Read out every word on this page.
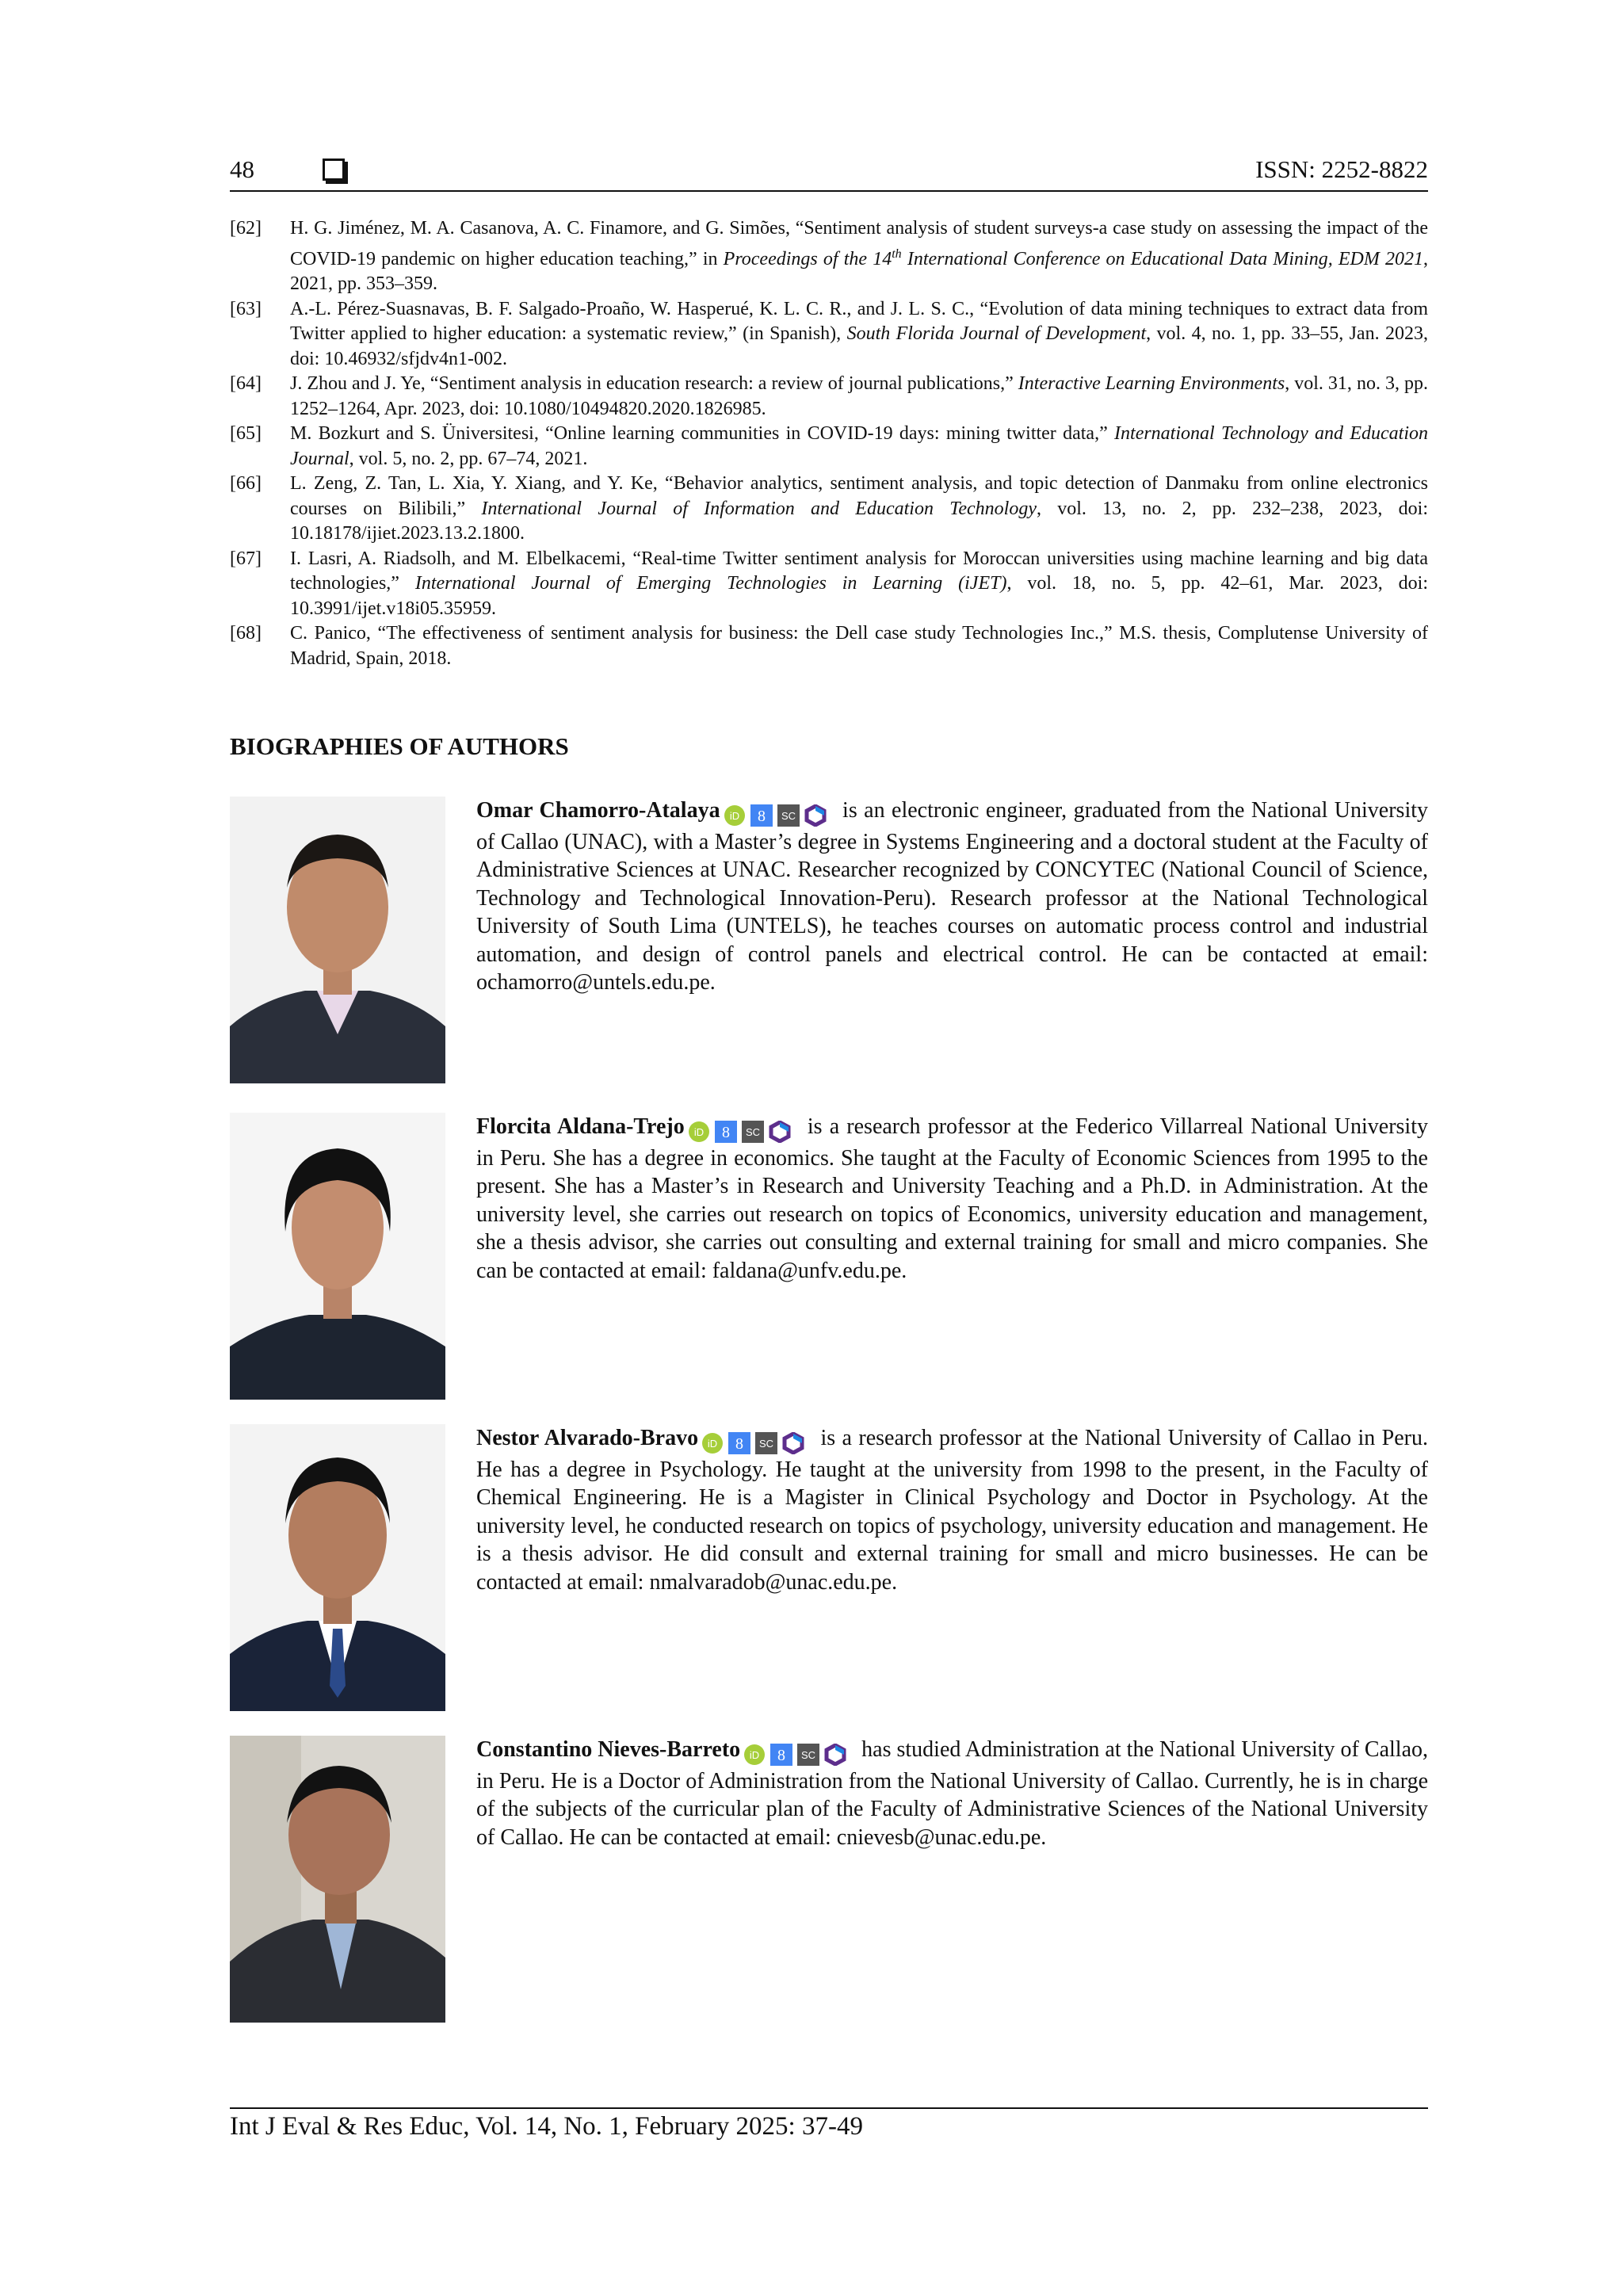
48	ISSN: 2252-8822
[62]	H. G. Jiménez, M. A. Casanova, A. C. Finamore, and G. Simões, “Sentiment analysis of student surveys-a case study on assessing the impact of the COVID-19 pandemic on higher education teaching,” in Proceedings of the 14th International Conference on Educational Data Mining, EDM 2021, 2021, pp. 353–359.
[63]	A.-L. Pérez-Suasnavas, B. F. Salgado-Proaño, W. Hasperué, K. L. C. R., and J. L. S. C., “Evolution of data mining techniques to extract data from Twitter applied to higher education: a systematic review,” (in Spanish), South Florida Journal of Development, vol. 4, no. 1, pp. 33–55, Jan. 2023, doi: 10.46932/sfjdv4n1-002.
[64]	J. Zhou and J. Ye, “Sentiment analysis in education research: a review of journal publications,” Interactive Learning Environments, vol. 31, no. 3, pp. 1252–1264, Apr. 2023, doi: 10.1080/10494820.2020.1826985.
[65]	M. Bozkurt and S. Üniversitesi, “Online learning communities in COVID-19 days: mining twitter data,” International Technology and Education Journal, vol. 5, no. 2, pp. 67–74, 2021.
[66]	L. Zeng, Z. Tan, L. Xia, Y. Xiang, and Y. Ke, “Behavior analytics, sentiment analysis, and topic detection of Danmaku from online electronics courses on Bilibili,” International Journal of Information and Education Technology, vol. 13, no. 2, pp. 232–238, 2023, doi: 10.18178/ijiet.2023.13.2.1800.
[67]	I. Lasri, A. Riadsolh, and M. Elbelkacemi, “Real-time Twitter sentiment analysis for Moroccan universities using machine learning and big data technologies,” International Journal of Emerging Technologies in Learning (iJET), vol. 18, no. 5, pp. 42–61, Mar. 2023, doi: 10.3991/ijet.v18i05.35959.
[68]	C. Panico, “The effectiveness of sentiment analysis for business: the Dell case study Technologies Inc.,” M.S. thesis, Complutense University of Madrid, Spain, 2018.
BIOGRAPHIES OF AUTHORS
Omar Chamorro-Atalaya iD 8 SC is an electronic engineer, graduated from the National University of Callao (UNAC), with a Master’s degree in Systems Engineering and a doctoral student at the Faculty of Administrative Sciences at UNAC. Researcher recognized by CONCYTEC (National Council of Science, Technology and Technological Innovation-Peru). Research professor at the National Technological University of South Lima (UNTELS), he teaches courses on automatic process control and industrial automation, and design of control panels and electrical control. He can be contacted at email: ochamorro@untels.edu.pe.
Florcita Aldana-Trejo iD 8 SC is a research professor at the Federico Villarreal National University in Peru. She has a degree in economics. She taught at the Faculty of Economic Sciences from 1995 to the present. She has a Master’s in Research and University Teaching and a Ph.D. in Administration. At the university level, she carries out research on topics of Economics, university education and management, she a thesis advisor, she carries out consulting and external training for small and micro companies. She can be contacted at email: faldana@unfv.edu.pe.
Nestor Alvarado-Bravo iD 8 SC is a research professor at the National University of Callao in Peru. He has a degree in Psychology. He taught at the university from 1998 to the present, in the Faculty of Chemical Engineering. He is a Magister in Clinical Psychology and Doctor in Psychology. At the university level, he conducted research on topics of psychology, university education and management. He is a thesis advisor. He did consult and external training for small and micro businesses. He can be contacted at email: nmalvaradob@unac.edu.pe.
Constantino Nieves-Barreto iD 8 SC has studied Administration at the National University of Callao, in Peru. He is a Doctor of Administration from the National University of Callao. Currently, he is in charge of the subjects of the curricular plan of the Faculty of Administrative Sciences of the National University of Callao. He can be contacted at email: cnievesb@unac.edu.pe.
Int J Eval & Res Educ, Vol. 14, No. 1, February 2025: 37-49
